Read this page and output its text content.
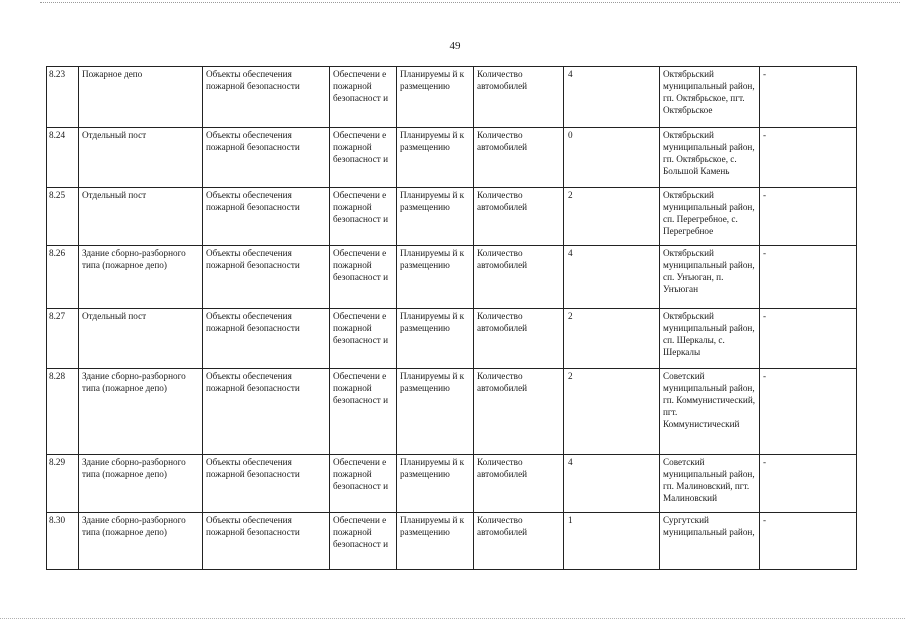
49
8.23	Пожарное депо	Объекты обеспечения пожарной безопасности	Обеспечени е пожарной безопасност и	Планируемы й к размещению	Количество автомобилей	4	Октябрьский муниципальный район, гп. Октябрьское, пгт. Октябрьское	-
8.24	Отдельный пост	Объекты обеспечения пожарной безопасности	Обеспечени е пожарной безопасност и	Планируемы й к размещению	Количество автомобилей	0	Октябрьский муниципальный район, гп. Октябрьское, с. Большой Камень	-
8.25	Отдельный пост	Объекты обеспечения пожарной безопасности	Обеспечени е пожарной безопасност и	Планируемы й к размещению	Количество автомобилей	2	Октябрьский муниципальный район, сп. Перегребное, с. Перегребное	-
8.26	Здание сборно-разборного типа (пожарное депо)	Объекты обеспечения пожарной безопасности	Обеспечени е пожарной безопасност и	Планируемы й к размещению	Количество автомобилей	4	Октябрьский муниципальный район, сп. Унъюган, п. Унъюган	-
8.27	Отдельный пост	Объекты обеспечения пожарной безопасности	Обеспечени е пожарной безопасност и	Планируемы й к размещению	Количество автомобилей	2	Октябрьский муниципальный район, сп. Шеркалы, с. Шеркалы	-
8.28	Здание сборно-разборного типа (пожарное депо)	Объекты обеспечения пожарной безопасности	Обеспечени е пожарной безопасност и	Планируемы й к размещению	Количество автомобилей	2	Советский муниципальный район, гп. Коммунистический, пгт. Коммунистический	-
8.29	Здание сборно-разборного типа (пожарное депо)	Объекты обеспечения пожарной безопасности	Обеспечени е пожарной безопасност и	Планируемы й к размещению	Количество автомобилей	4	Советский муниципальный район, гп. Малиновский, пгт. Малиновский	-
8.30	Здание сборно-разборного типа (пожарное депо)	Объекты обеспечения пожарной безопасности	Обеспечени е пожарной безопасност и	Планируемы й к размещению	Количество автомобилей	1	Сургутский муниципальный район,	-
